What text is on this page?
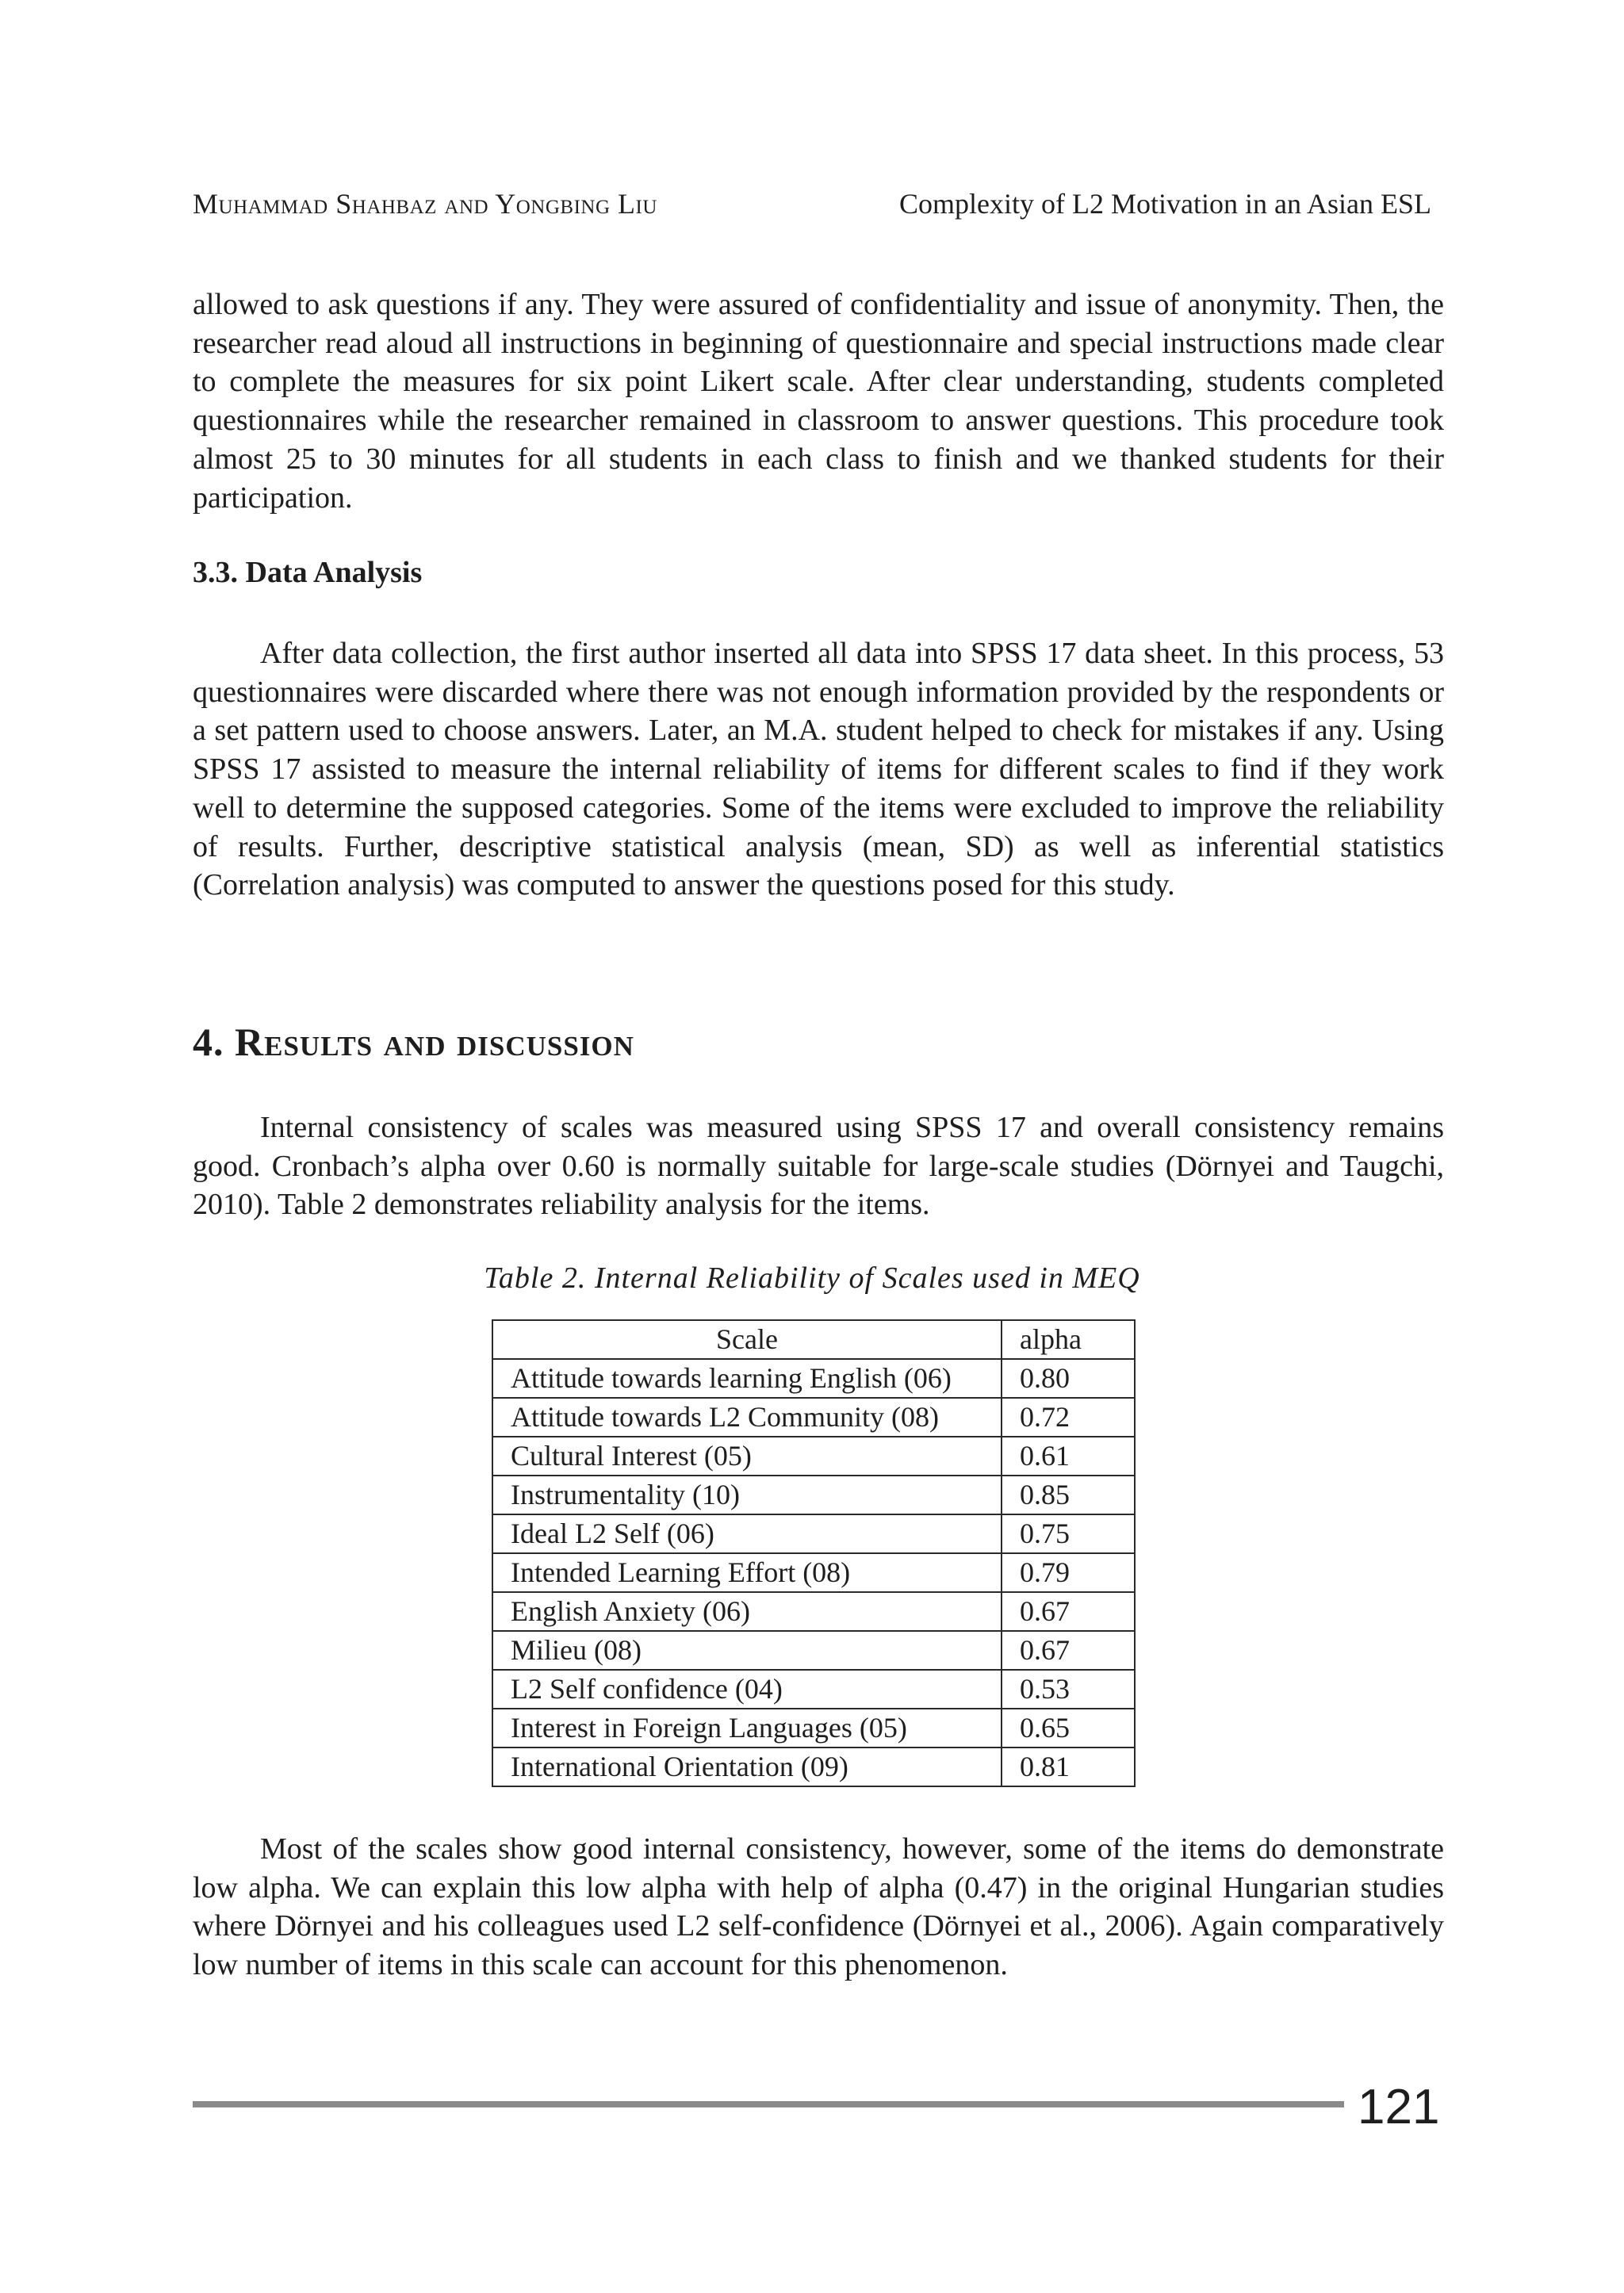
Muhammad Shahbaz and Yongbing Liu	Complexity of L2 Motivation in an Asian ESL

allowed to ask questions if any. They were assured of confidentiality and issue of anonymity. Then, the researcher read aloud all instructions in beginning of questionnaire and special instructions made clear to complete the measures for six point Likert scale. After clear understanding, students completed questionnaires while the researcher remained in classroom to answer questions. This procedure took almost 25 to 30 minutes for all students in each class to finish and we thanked students for their participation.

3.3. Data Analysis

After data collection, the first author inserted all data into SPSS 17 data sheet. In this process, 53 questionnaires were discarded where there was not enough information provided by the respondents or a set pattern used to choose answers. Later, an M.A. student helped to check for mistakes if any. Using SPSS 17 assisted to measure the internal reliability of items for different scales to find if they work well to determine the supposed categories. Some of the items were excluded to improve the reliability of results. Further, descriptive statistical analysis (mean, SD) as well as inferential statistics (Correlation analysis) was computed to answer the questions posed for this study.

4. Results and discussion

Internal consistency of scales was measured using SPSS 17 and overall consistency remains good. Cronbach’s alpha over 0.60 is normally suitable for large-scale studies (Dörnyei and Taugchi, 2010). Table 2 demonstrates reliability analysis for the items.

Table 2. Internal Reliability of Scales used in MEQ
Scale	alpha
Attitude towards learning English (06)	0.80
Attitude towards L2 Community (08)	0.72
Cultural Interest (05)	0.61
Instrumentality (10)	0.85
Ideal L2 Self (06)	0.75
Intended Learning Effort (08)	0.79
English Anxiety (06)	0.67
Milieu (08)	0.67
L2 Self confidence (04)	0.53
Interest in Foreign Languages (05)	0.65
International Orientation (09)	0.81

Most of the scales show good internal consistency, however, some of the items do demonstrate low alpha. We can explain this low alpha with help of alpha (0.47) in the original Hungarian studies where Dörnyei and his colleagues used L2 self-confidence (Dörnyei et al., 2006). Again comparatively low number of items in this scale can account for this phenomenon.

121
